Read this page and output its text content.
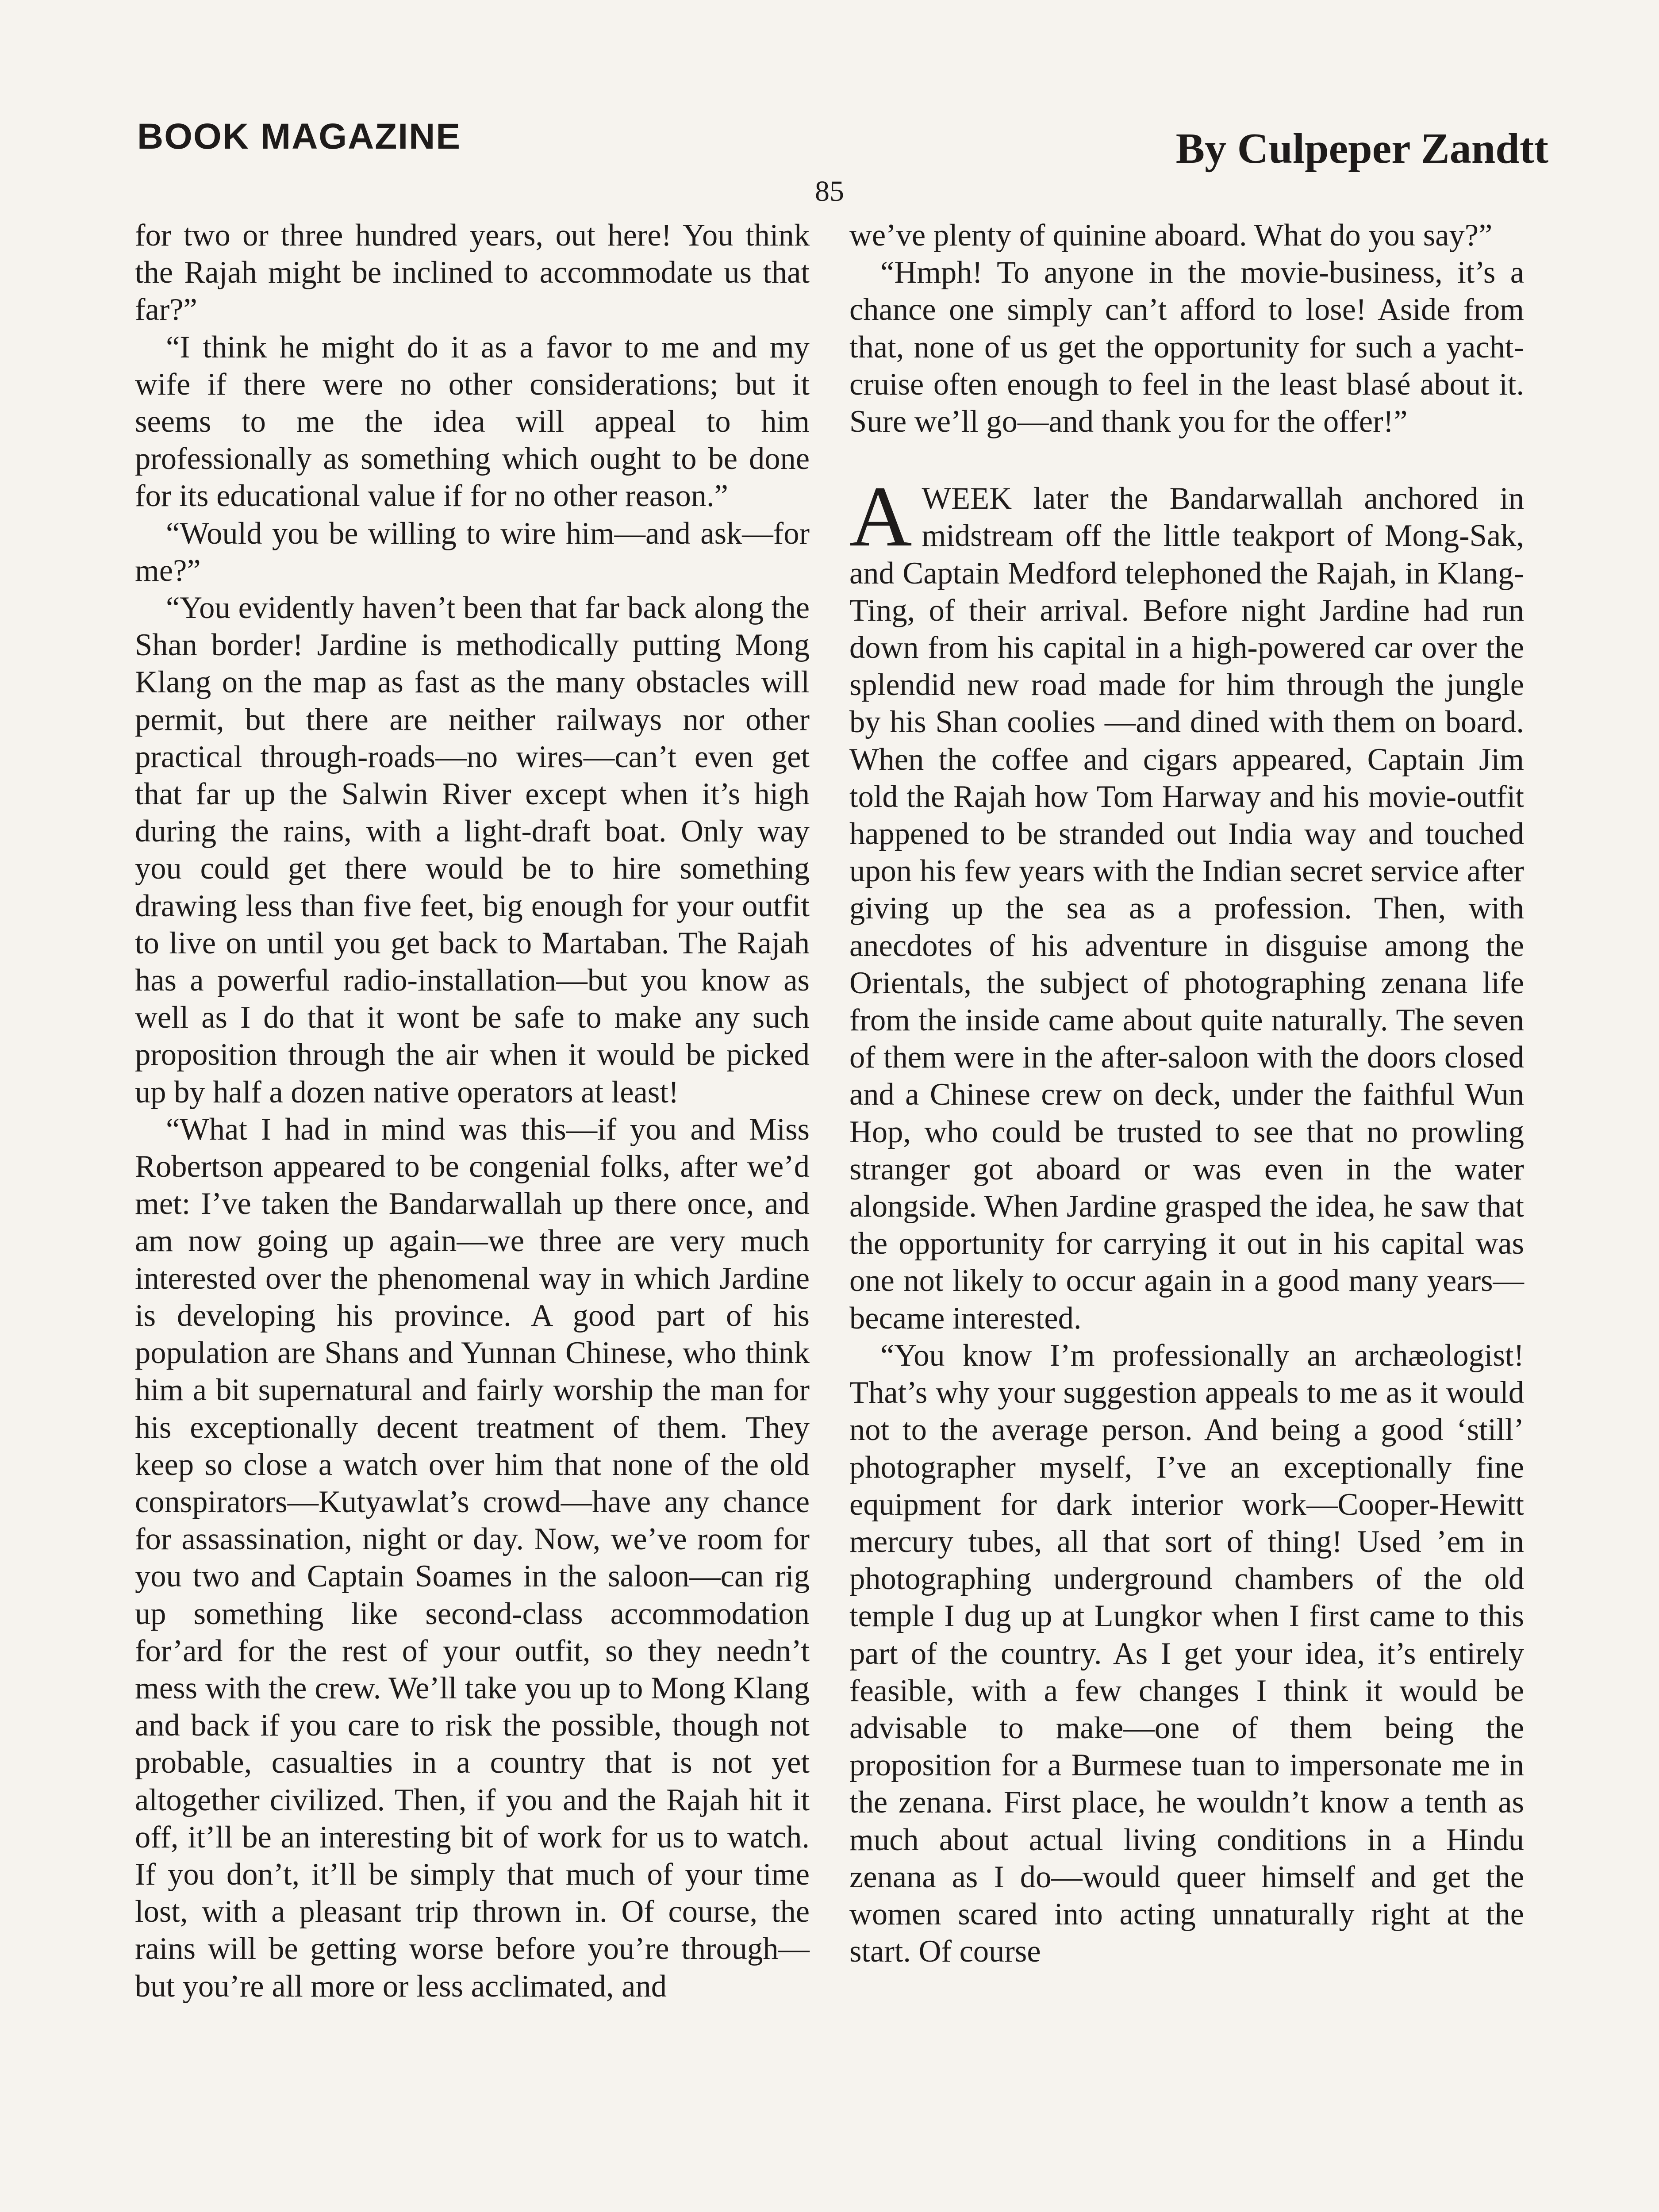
BOOK MAGAZINE	By Culpeper Zandtt
85

for two or three hundred years, out here! You think the Rajah might be inclined to accommodate us that far?”

“I think he might do it as a favor to me and my wife if there were no other considerations; but it seems to me the idea will appeal to him professionally as something which ought to be done for its educational value if for no other reason.”

“Would you be willing to wire him—and ask—for me?”

“You evidently haven’t been that far back along the Shan border! Jardine is methodically putting Mong Klang on the map as fast as the many obstacles will permit, but there are neither railways nor other practical through-roads—no wires—can’t even get that far up the Salwin River except when it’s high during the rains, with a light-draft boat. Only way you could get there would be to hire something drawing less than five feet, big enough for your outfit to live on until you get back to Martaban. The Rajah has a powerful radio-installation—but you know as well as I do that it wont be safe to make any such proposition through the air when it would be picked up by half a dozen native operators at least!

“What I had in mind was this—if you and Miss Robertson appeared to be congenial folks, after we’d met: I’ve taken the Bandarwallah up there once, and am now going up again—we three are very much interested over the phenomenal way in which Jardine is developing his province. A good part of his population are Shans and Yunnan Chinese, who think him a bit supernatural and fairly worship the man for his exceptionally decent treatment of them. They keep so close a watch over him that none of the old conspirators—Kutyawlat’s crowd—have any chance for assassination, night or day. Now, we’ve room for you two and Captain Soames in the saloon—can rig up something like second-class accommodation for’ard for the rest of your outfit, so they needn’t mess with the crew. We’ll take you up to Mong Klang and back if you care to risk the possible, though not probable, casualties in a country that is not yet altogether civilized. Then, if you and the Rajah hit it off, it’ll be an interesting bit of work for us to watch. If you don’t, it’ll be simply that much of your time lost, with a pleasant trip thrown in. Of course, the rains will be getting worse before you’re through—but you’re all more or less acclimated, and

we’ve plenty of quinine aboard. What do you say?”

“Hmph! To anyone in the movie-business, it’s a chance one simply can’t afford to lose! Aside from that, none of us get the opportunity for such a yacht-cruise often enough to feel in the least blasé about it. Sure we’ll go—and thank you for the offer!”

AWEEK later the Bandarwallah anchored in midstream off the little teakport of Mong-Sak, and Captain Medford telephoned the Rajah, in Klang-Ting, of their arrival. Before night Jardine had run down from his capital in a high-powered car over the splendid new road made for him through the jungle by his Shan coolies —and dined with them on board. When the coffee and cigars appeared, Captain Jim told the Rajah how Tom Harway and his movie-outfit happened to be stranded out India way and touched upon his few years with the Indian secret service after giving up the sea as a profession. Then, with anecdotes of his adventure in disguise among the Orientals, the subject of photographing zenana life from the inside came about quite naturally. The seven of them were in the after-saloon with the doors closed and a Chinese crew on deck, under the faithful Wun Hop, who could be trusted to see that no prowling stranger got aboard or was even in the water alongside. When Jardine grasped the idea, he saw that the opportunity for carrying it out in his capital was one not likely to occur again in a good many years—became interested.

“You know I’m professionally an archæologist! That’s why your suggestion appeals to me as it would not to the average person. And being a good ‘still’ photographer myself, I’ve an exceptionally fine equipment for dark interior work—Cooper-Hewitt mercury tubes, all that sort of thing! Used ’em in photographing underground chambers of the old temple I dug up at Lungkor when I first came to this part of the country. As I get your idea, it’s entirely feasible, with a few changes I think it would be advisable to make—one of them being the proposition for a Burmese tuan to impersonate me in the zenana. First place, he wouldn’t know a tenth as much about actual living conditions in a Hindu zenana as I do—would queer himself and get the women scared into acting unnaturally right at the start. Of course
